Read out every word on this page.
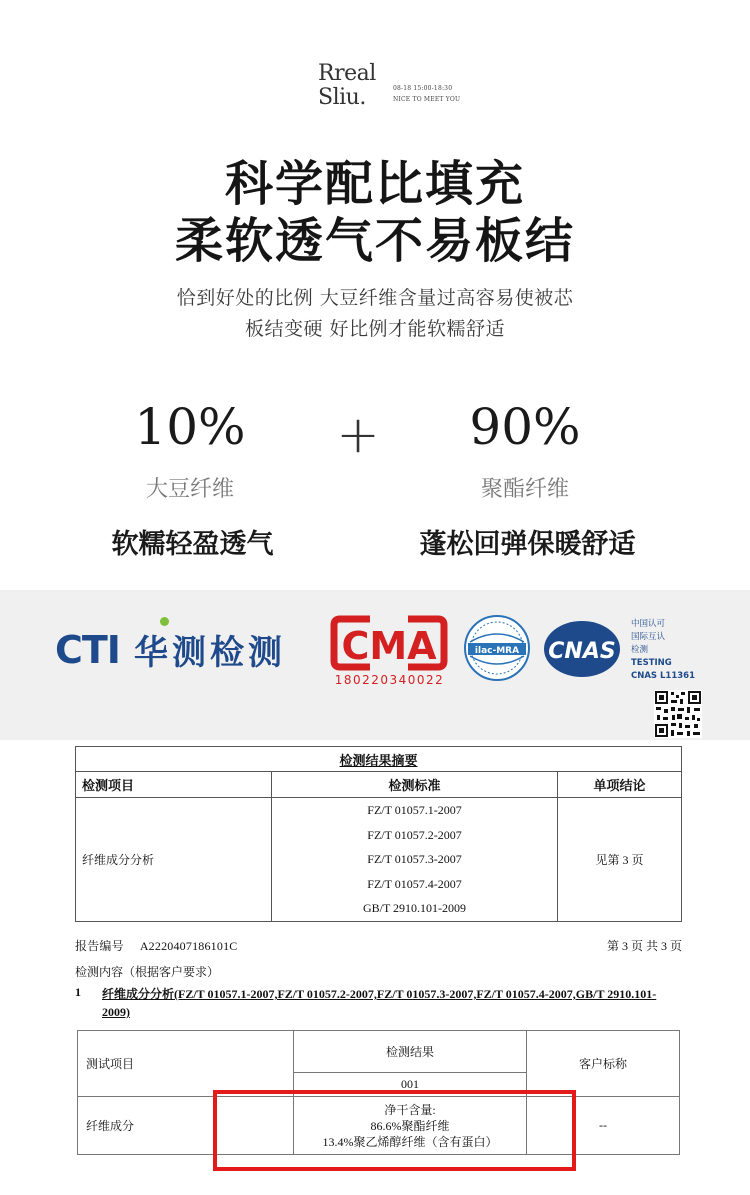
Rreal
Sliu.	08-18 15:00-18:30
NICE TO MEET YOU
科学配比填充
柔软透气不易板结
恰到好处的比例 大豆纤维含量过高容易使被芯
板结变硬 好比例才能软糯舒适
10%	+	90%
大豆纤维	聚酯纤维
软糯轻盈透气	蓬松回弹保暖舒适
CTI 华测检测 CMA
180220340022
ilac-MRA CNAS
中国认可
国际互认
检测
TESTING
CNAS L11361
检测结果摘要		
检测项目	检测标准	单项结论
纤维成分分析	FZ/T 01057.1-2007
FZ/T 01057.2-2007
FZ/T 01057.3-2007
FZ/T 01057.4-2007
GB/T 2910.101-2009	见第 3 页
报告编号 A2220407186101C	第 3 页 共 3 页
检测内容（根据客户要求）
1	纤维成分分析(FZ/T 01057.1-2007,FZ/T 01057.2-2007,FZ/T 01057.3-2007,FZ/T 01057.4-2007,GB/T 2910.101-2009)
测试项目	检测结果	客户标称
	001	
纤维成分	净干含量:
86.6%聚酯纤维
13.4%聚乙烯醇纤维（含有蛋白）	--
